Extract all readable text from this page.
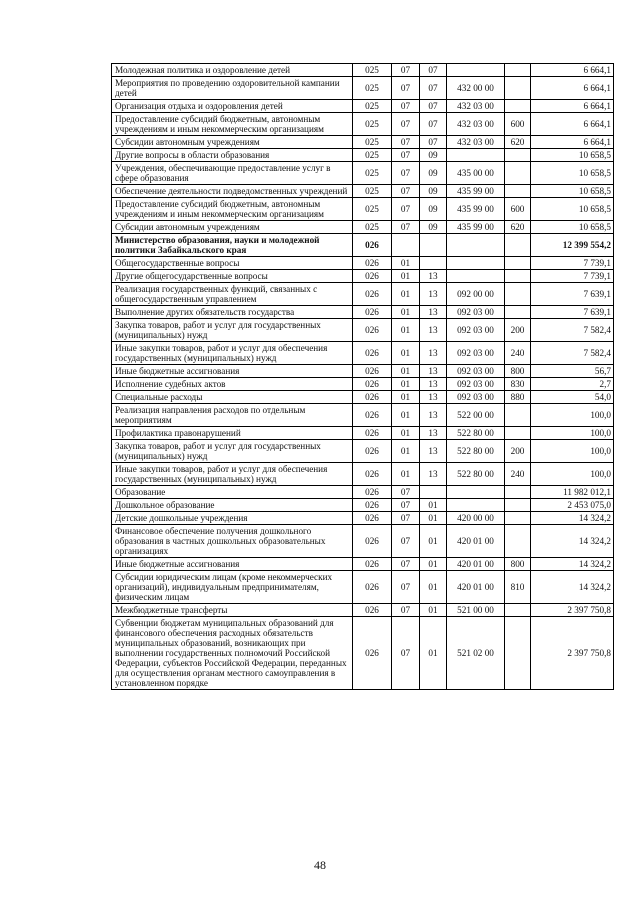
Молодежная политика и оздоровление детей	025	07	07			6 664,1
Мероприятия по проведению оздоровительной кампании детей	025	07	07	432 00 00		6 664,1
Организация отдыха и оздоровления детей	025	07	07	432 03 00		6 664,1
Предоставление субсидий бюджетным, автономным учреждениям и иным некоммерческим организациям	025	07	07	432 03 00	600	6 664,1
Субсидии автономным учреждениям	025	07	07	432 03 00	620	6 664,1
Другие вопросы в области образования	025	07	09			10 658,5
Учреждения, обеспечивающие предоставление услуг в сфере образования	025	07	09	435 00 00		10 658,5
Обеспечение деятельности подведомственных учреждений	025	07	09	435 99 00		10 658,5
Предоставление субсидий бюджетным, автономным учреждениям и иным некоммерческим организациям	025	07	09	435 99 00	600	10 658,5
Субсидии автономным учреждениям	025	07	09	435 99 00	620	10 658,5
Министерство образования, науки и молодежной политики Забайкальского края	026					12 399 554,2
Общегосударственные вопросы	026	01				7 739,1
Другие общегосударственные вопросы	026	01	13			7 739,1
Реализация государственных функций, связанных с общегосударственным управлением	026	01	13	092 00 00		7 639,1
Выполнение других обязательств государства	026	01	13	092 03 00		7 639,1
Закупка товаров, работ и услуг для государственных (муниципальных) нужд	026	01	13	092 03 00	200	7 582,4
Иные закупки товаров, работ и услуг для обеспечения государственных (муниципальных) нужд	026	01	13	092 03 00	240	7 582,4
Иные бюджетные ассигнования	026	01	13	092 03 00	800	56,7
Исполнение судебных актов	026	01	13	092 03 00	830	2,7
Специальные расходы	026	01	13	092 03 00	880	54,0
Реализация направления расходов по отдельным мероприятиям	026	01	13	522 00 00		100,0
Профилактика правонарушений	026	01	13	522 80 00		100,0
Закупка товаров, работ и услуг для государственных (муниципальных) нужд	026	01	13	522 80 00	200	100,0
Иные закупки товаров, работ и услуг для обеспечения государственных (муниципальных) нужд	026	01	13	522 80 00	240	100,0
Образование	026	07				11 982 012,1
Дошкольное образование	026	07	01			2 453 075,0
Детские дошкольные учреждения	026	07	01	420 00 00		14 324,2
Финансовое обеспечение получения дошкольного образования в частных дошкольных образовательных организациях	026	07	01	420 01 00		14 324,2
Иные бюджетные ассигнования	026	07	01	420 01 00	800	14 324,2
Субсидии юридическим лицам (кроме некоммерческих организаций), индивидуальным предпринимателям, физическим лицам	026	07	01	420 01 00	810	14 324,2
Межбюджетные трансферты	026	07	01	521 00 00		2 397 750,8
Субвенции бюджетам муниципальных образований для финансового обеспечения расходных обязательств муниципальных образований, возникающих при выполнении государственных полномочий Российской Федерации, субъектов Российской Федерации, переданных для осуществления органам местного самоуправления в установленном порядке	026	07	01	521 02 00		2 397 750,8
48
